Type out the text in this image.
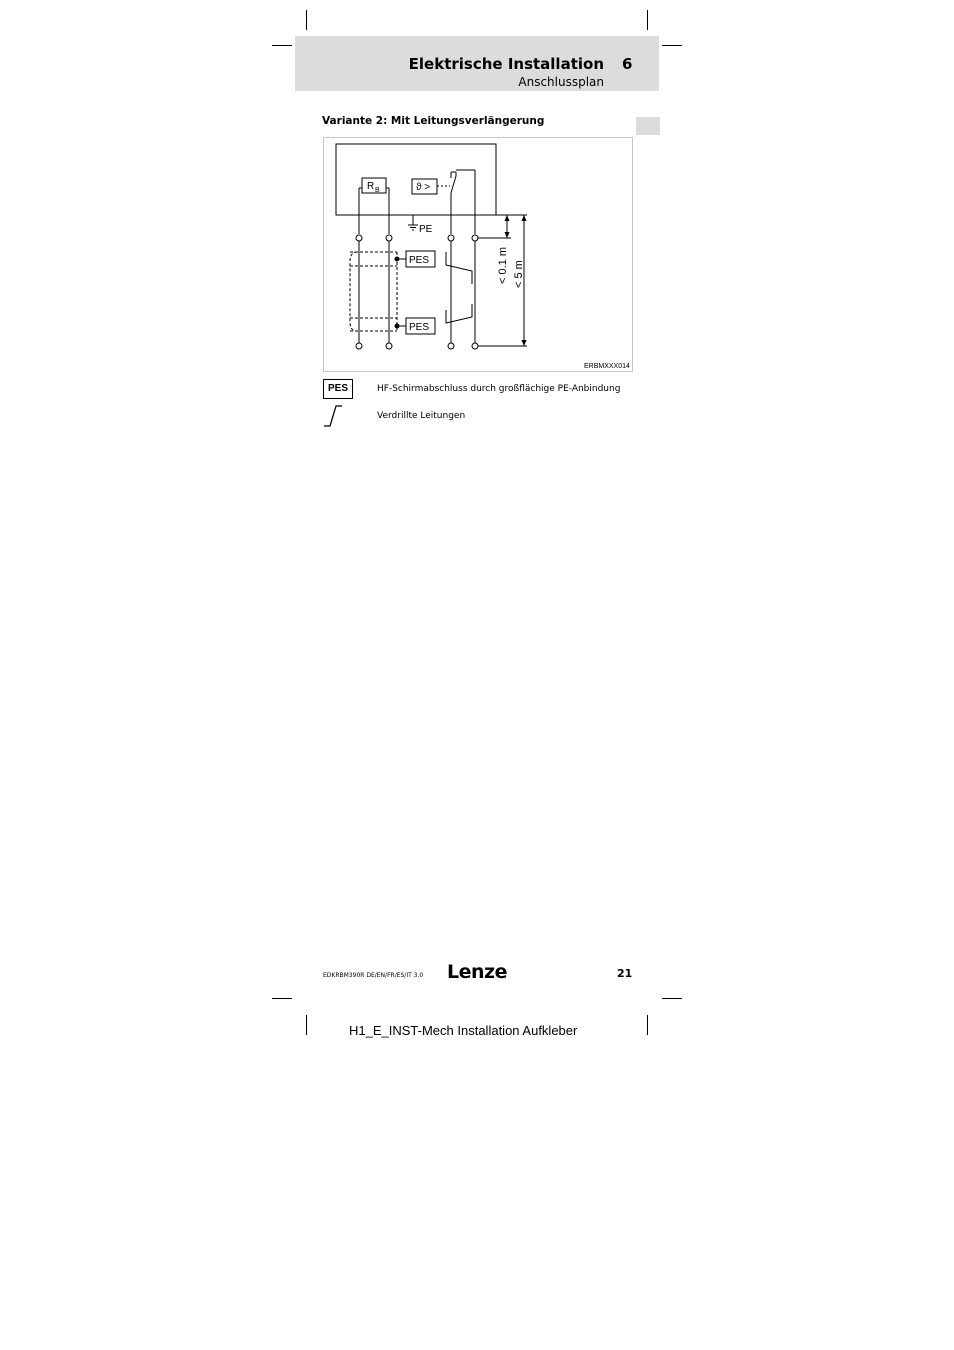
Elektrische Installation 6
Anschlussplan
Variante 2: Mit Leitungsverlängerung
R B	ϑ >
PE
PES
PES
< 0.1 m < 5 m
ERBMXXX014
PES	HF-Schirmabschluss durch großflächige PE-Anbindung
Verdrillte Leitungen
EDKRBM390R DE/EN/FR/ES/IT 3.0 Lenze	21
H1_E_INST-Mech Installation Aufkleber
